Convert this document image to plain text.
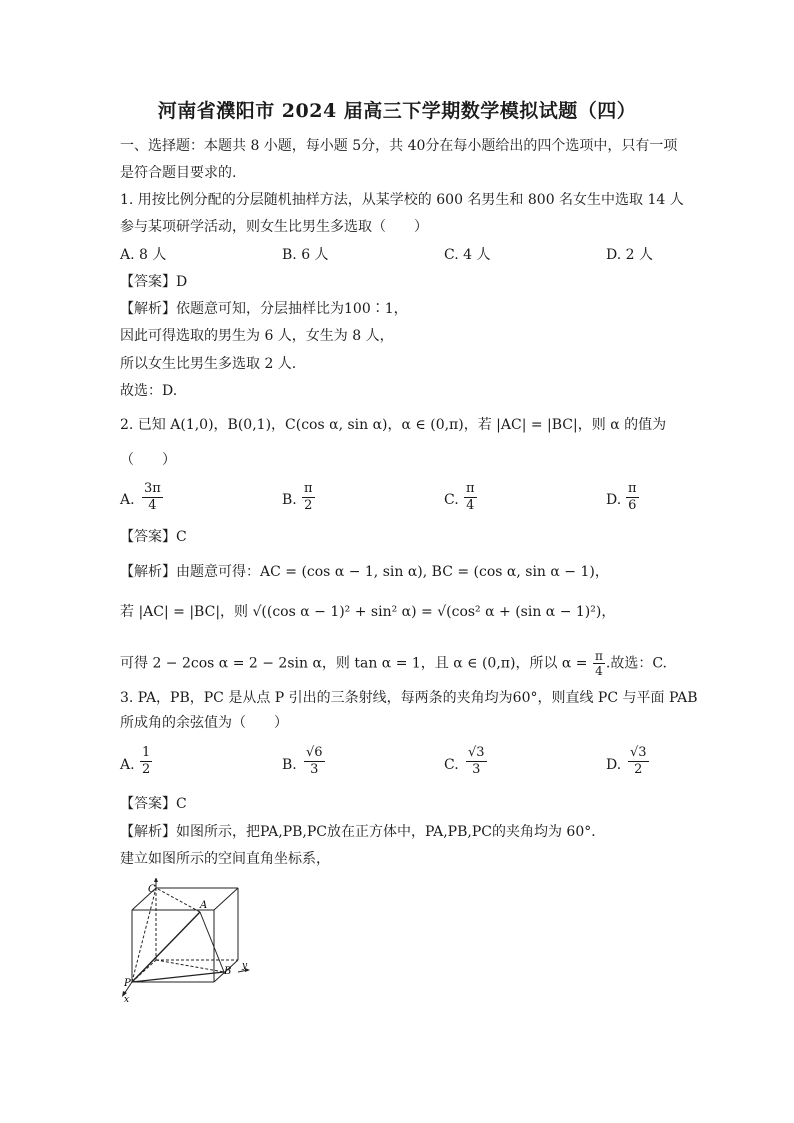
河南省濮阳市 2024 届高三下学期数学模拟试题（四）
一、选择题：本题共 8 小题，每小题 5分，共 40分在每小题给出的四个选项中，只有一项
是符合题目要求的.
1. 用按比例分配的分层随机抽样方法，从某学校的 600 名男生和 800 名女生中选取 14 人
参与某项研学活动，则女生比男生多选取（　　）
A. 8 人	B. 6 人	C. 4 人	D. 2 人
【答案】D
【解析】依题意可知，分层抽样比为100∶1，
因此可得选取的男生为 6 人，女生为 8 人，
所以女生比男生多选取 2 人.
故选：D.
2. 已知 A(1,0)，B(0,1)，C(cos α, sin α)，α ∈ (0,π)，若 |AC| = |BC|，则 α 的值为
（　　）
A. $\frac{3\pi}{4}$	B. $\frac{\pi}{2}$	C. $\frac{\pi}{4}$	D. $\frac{\pi}{6}$
【答案】C
【解析】由题意可得：AC = (cos α − 1, sin α), BC = (cos α, sin α − 1)，
若 |AC| = |BC|，则 √((cos α − 1)² + sin² α) = √(cos² α + (sin α − 1)²)，
可得 2 − 2cos α = 2 − 2sin α，则 tan α = 1，且 α ∈ (0,π)，所以 $\alpha = \frac{\pi}{4}$ .故选：C.
3. PA，PB，PC 是从点 P 引出的三条射线，每两条的夹角均为60°，则直线 PC 与平面 PAB
所成角的余弦值为（　　）
A. $\frac{1}{2}$	B. $\frac{√6}{3}$	C. $\frac{√3}{3}$	D. $\frac{√3}{2}$
【答案】C
【解析】如图所示，把PA,PB,PC放在正方体中，PA,PB,PC的夹角均为 60°．
建立如图所示的空间直角坐标系，
C
A
P
B y
x
